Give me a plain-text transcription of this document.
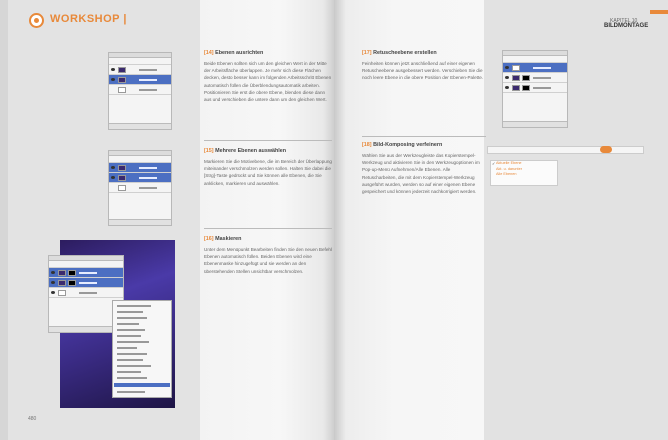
WORKSHOP |	KAPITEL 10
BILDMONTAGE
✓ Aktuelle Ebene
Akt. u. darunter
Alle Ebenen
[14] Ebenen ausrichten
Beide Ebenen sollten sich um den gleichen Wert in der Mitte der Arbeitsfläche überlappen. Je mehr sich diese Flächen decken, desto besser kann im folgenden Arbeitsschritt Ebenen automatisch füllen die Überblendungsautomatik arbeiten. Positionieren Sie erst die obere Ebene, blenden diese dann aus und verschieben die untere dann um den gleichen Wert.
[15] Mehrere Ebenen auswählen
Markieren Sie die Motivebene, die im Bereich der Überlappung miteinander verschmolzen werden sollen. Halten Sie dabei die [Strg]-Taste gedrückt und Sie können alle Ebenen, die Sie anklicken, markieren und auswählen.
[16] Maskieren
Unter dem Menüpunkt Bearbeiten finden Sie den neuen Befehl Ebenen automatisch füllen. Beiden Ebenen wird eine Ebenenmaske hinzugefügt und sie werden an den überstehenden Stellen unsichtbar verschmolzen.
[17] Retuscheebene erstellen
Feinheiten können jetzt anschließend auf einer eigenen Retuscheebene ausgebessert werden. Verschieben Sie die noch leere Ebene in die obere Position der Ebenen-Palette.
[18] Bild-Komposing verfeinern
Wählen Sie aus der Werkzeugleiste das Kopierstempel-Werkzeug und aktivieren Sie in den Werkzeugoptionen im Pop-up-Menü Aufnehmen/Alle Ebenen. Alle Retuscharbeiten, die mit dem Kopierstempel-Werkzeug ausgeführt wurden, werden so auf einer eigenen Ebene gespeichert und können jederzeit nachkorrigiert werden.
480
